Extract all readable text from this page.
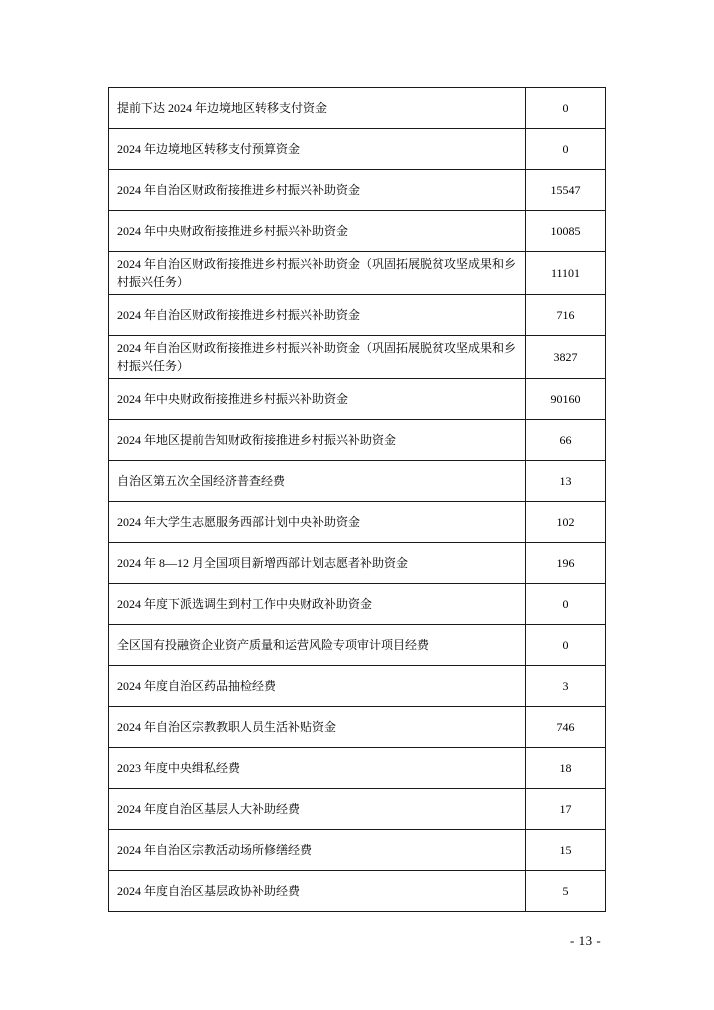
提前下达 2024 年边境地区转移支付资金	0
2024 年边境地区转移支付预算资金	0
2024 年自治区财政衔接推进乡村振兴补助资金	15547
2024 年中央财政衔接推进乡村振兴补助资金	10085
2024 年自治区财政衔接推进乡村振兴补助资金（巩固拓展脱贫攻坚成果和乡村振兴任务）	11101
2024 年自治区财政衔接推进乡村振兴补助资金	716
2024 年自治区财政衔接推进乡村振兴补助资金（巩固拓展脱贫攻坚成果和乡村振兴任务）	3827
2024 年中央财政衔接推进乡村振兴补助资金	90160
2024 年地区提前告知财政衔接推进乡村振兴补助资金	66
自治区第五次全国经济普查经费	13
2024 年大学生志愿服务西部计划中央补助资金	102
2024 年 8—12 月全国项目新增西部计划志愿者补助资金	196
2024 年度下派选调生到村工作中央财政补助资金	0
全区国有投融资企业资产质量和运营风险专项审计项目经费	0
2024 年度自治区药品抽检经费	3
2024 年自治区宗教教职人员生活补贴资金	746
2023 年度中央缉私经费	18
2024 年度自治区基层人大补助经费	17
2024 年自治区宗教活动场所修缮经费	15
2024 年度自治区基层政协补助经费	5
- 13 -
